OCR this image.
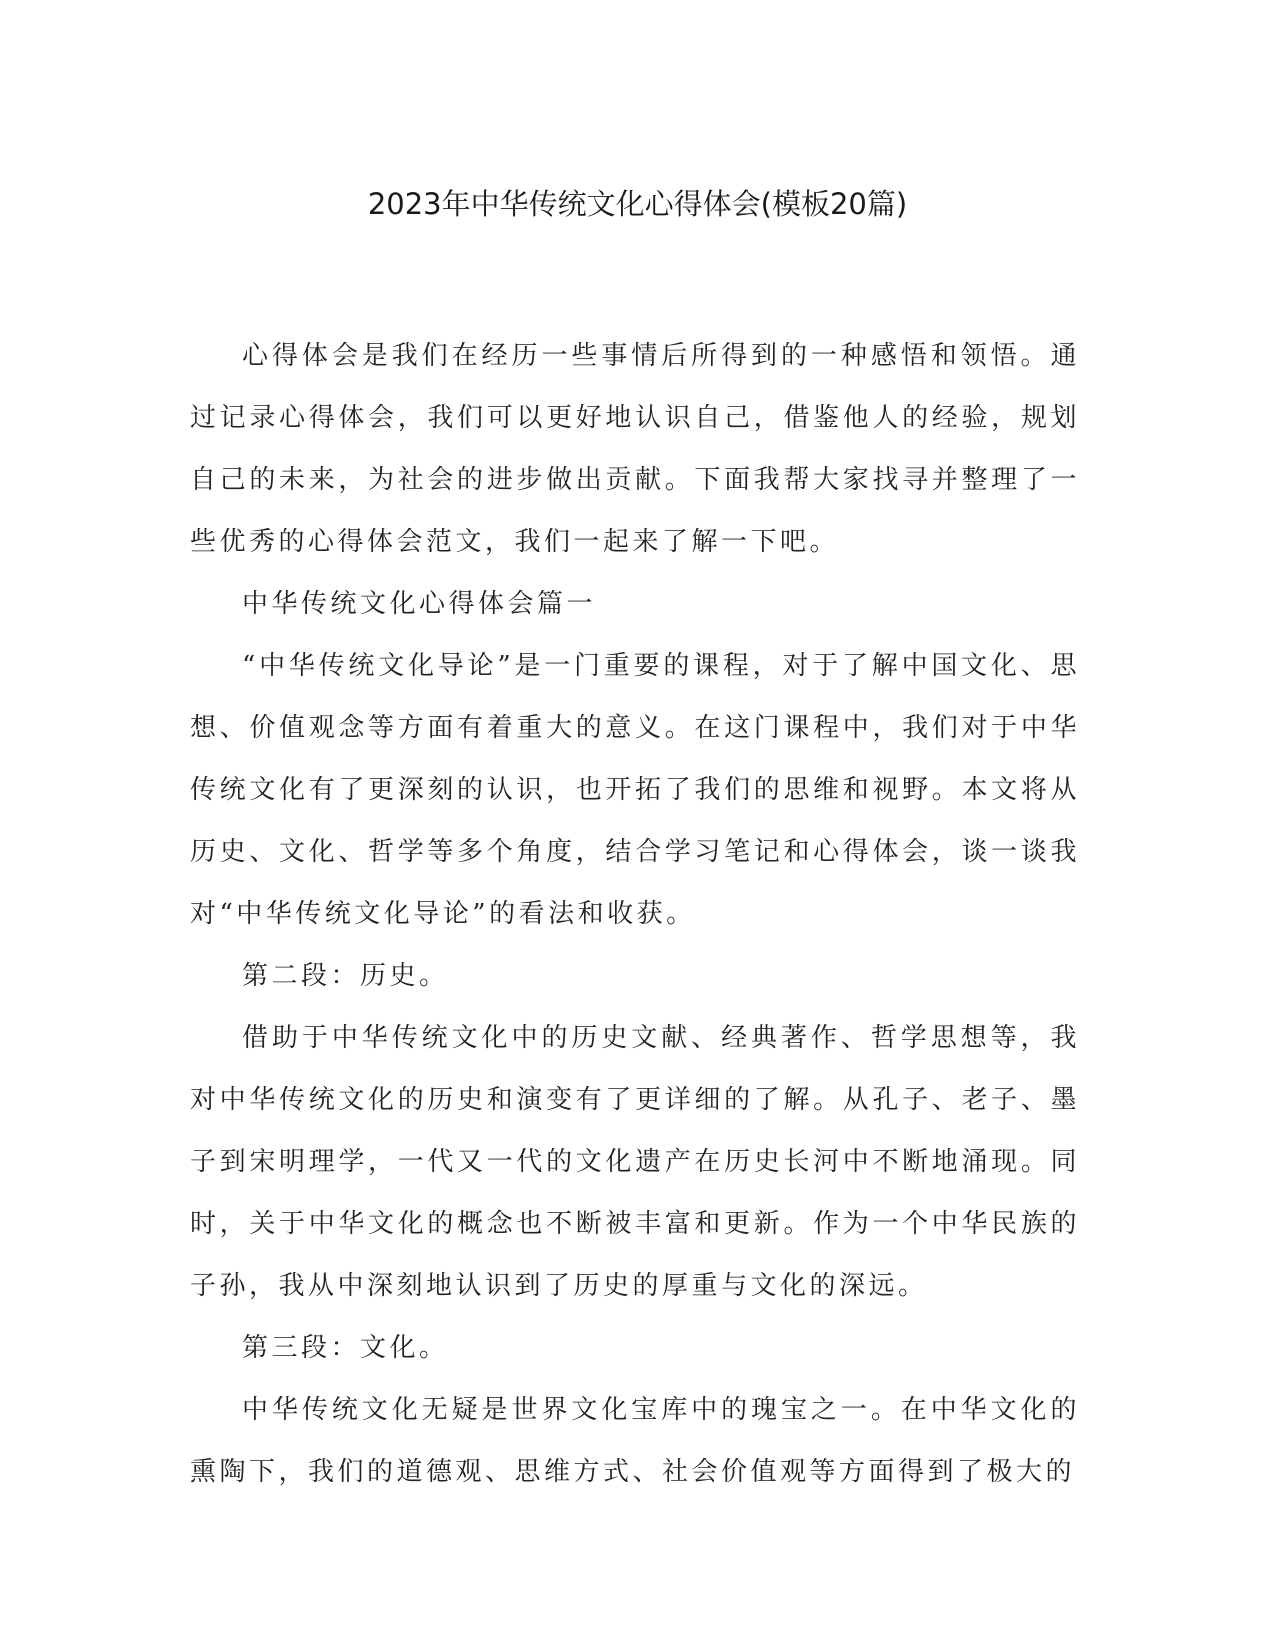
2023年中华传统文化心得体会(模板20篇)

心得体会是我们在经历一些事情后所得到的一种感悟和领悟。通过记录心得体会，我们可以更好地认识自己，借鉴他人的经验，规划自己的未来，为社会的进步做出贡献。下面我帮大家找寻并整理了一些优秀的心得体会范文，我们一起来了解一下吧。

中华传统文化心得体会篇一

“中华传统文化导论”是一门重要的课程，对于了解中国文化、思想、价值观念等方面有着重大的意义。在这门课程中，我们对于中华传统文化有了更深刻的认识，也开拓了我们的思维和视野。本文将从历史、文化、哲学等多个角度，结合学习笔记和心得体会，谈一谈我对“中华传统文化导论”的看法和收获。

第二段：历史。

借助于中华传统文化中的历史文献、经典著作、哲学思想等，我对中华传统文化的历史和演变有了更详细的了解。从孔子、老子、墨子到宋明理学，一代又一代的文化遗产在历史长河中不断地涌现。同时，关于中华文化的概念也不断被丰富和更新。作为一个中华民族的子孙，我从中深刻地认识到了历史的厚重与文化的深远。

第三段：文化。

中华传统文化无疑是世界文化宝库中的瑰宝之一。在中华文化的熏陶下，我们的道德观、思维方式、社会价值观等方面得到了极大的
